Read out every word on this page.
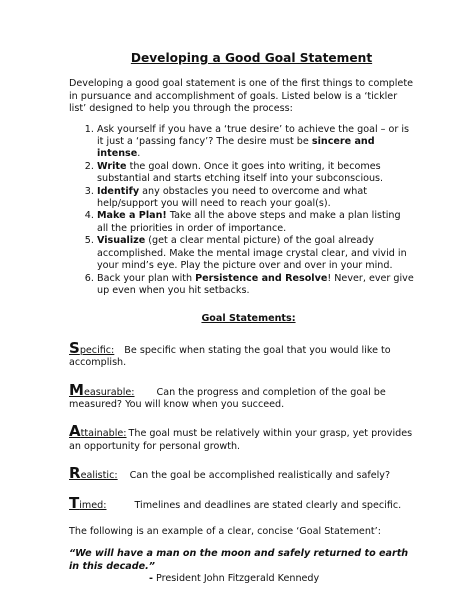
Developing a Good Goal Statement

Developing a good goal statement is one of the first things to complete in pursuance and accomplishment of goals. Listed below is a ‘tickler list’ designed to help you through the process:

1. Ask yourself if you have a ‘true desire’ to achieve the goal – or is it just a ‘passing fancy’? The desire must be sincere and intense.
2. Write the goal down. Once it goes into writing, it becomes substantial and starts etching itself into your subconscious.
3. Identify any obstacles you need to overcome and what help/support you will need to reach your goal(s).
4. Make a Plan! Take all the above steps and make a plan listing all the priorities in order of importance.
5. Visualize (get a clear mental picture) of the goal already accomplished. Make the mental image crystal clear, and vivid in your mind’s eye. Play the picture over and over in your mind.
6. Back your plan with Persistence and Resolve! Never, ever give up even when you hit setbacks.
Goal Statements:

Specific: Be specific when stating the goal that you would like to accomplish.

Measurable: Can the progress and completion of the goal be measured? You will know when you succeed.

Attainable: The goal must be relatively within your grasp, yet provides an opportunity for personal growth.

Realistic: Can the goal be accomplished realistically and safely?

Timed:	Timelines and deadlines are stated clearly and specific.

The following is an example of a clear, concise ‘Goal Statement’:

“We will have a man on the moon and safely returned to earth in this decade.”

- President John Fitzgerald Kennedy
